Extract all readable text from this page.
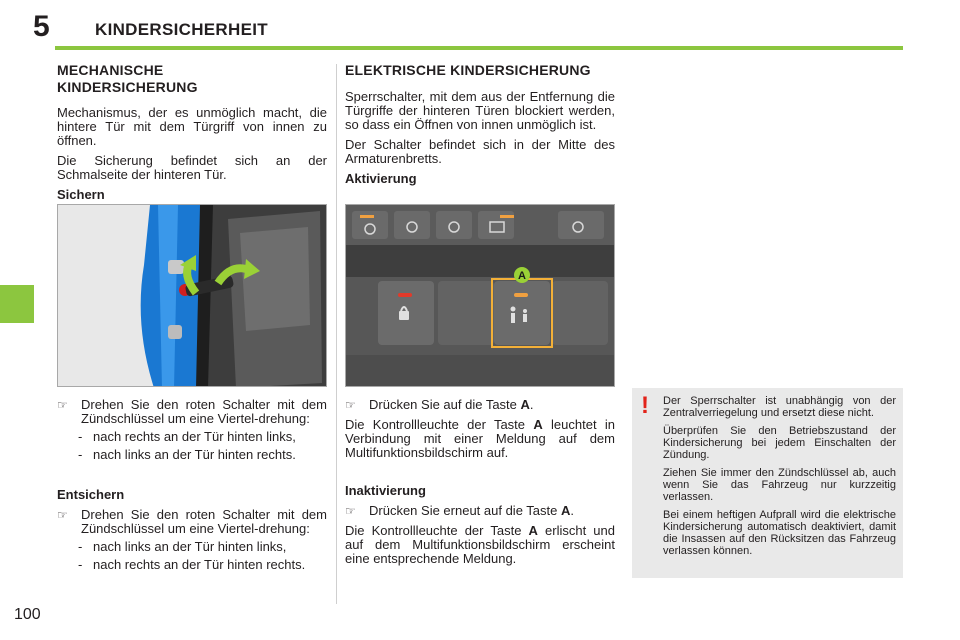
5	KINDERSICHERHEIT
MECHANISCHE
KINDERSICHERUNG

Mechanismus, der es unmöglich macht, die hintere Tür mit dem Türgriff von innen zu öffnen.

Die Sicherung befindet sich an der Schmalseite der hinteren Tür.

Sichern
☞	Drehen Sie den roten Schalter mit dem Zündschlüssel um eine Viertel-drehung:
- nach rechts an der Tür hinten links,
- nach links an der Tür hinten rechts.
Entsichern
☞	Drehen Sie den roten Schalter mit dem Zündschlüssel um eine Viertel-drehung:
- nach links an der Tür hinten links,
- nach rechts an der Tür hinten rechts.
ELEKTRISCHE KINDERSICHERUNG

Sperrschalter, mit dem aus der Entfernung die Türgriffe der hinteren Türen blockiert werden, so dass ein Öffnen von innen unmöglich ist.

Der Schalter befindet sich in der Mitte des Armaturenbretts.

Aktivierung
A
☞	Drücken Sie auf die Taste A.

Die Kontrollleuchte der Taste A leuchtet in Verbindung mit einer Meldung auf dem Multifunktionsbildschirm auf.

Inaktivierung
☞	Drücken Sie erneut auf die Taste A.

Die Kontrollleuchte der Taste A erlischt und auf dem Multifunktionsbildschirm erscheint eine entsprechende Meldung.

!	Der Sperrschalter ist unabhängig von der Zentralverriegelung und ersetzt diese nicht.

Überprüfen Sie den Betriebszustand der Kindersicherung bei jedem Einschalten der Zündung.

Ziehen Sie immer den Zündschlüssel ab, auch wenn Sie das Fahrzeug nur kurzzeitig verlassen.

Bei einem heftigen Aufprall wird die elektrische Kindersicherung automatisch deaktiviert, damit die Insassen auf den Rücksitzen das Fahrzeug verlassen können.

100
